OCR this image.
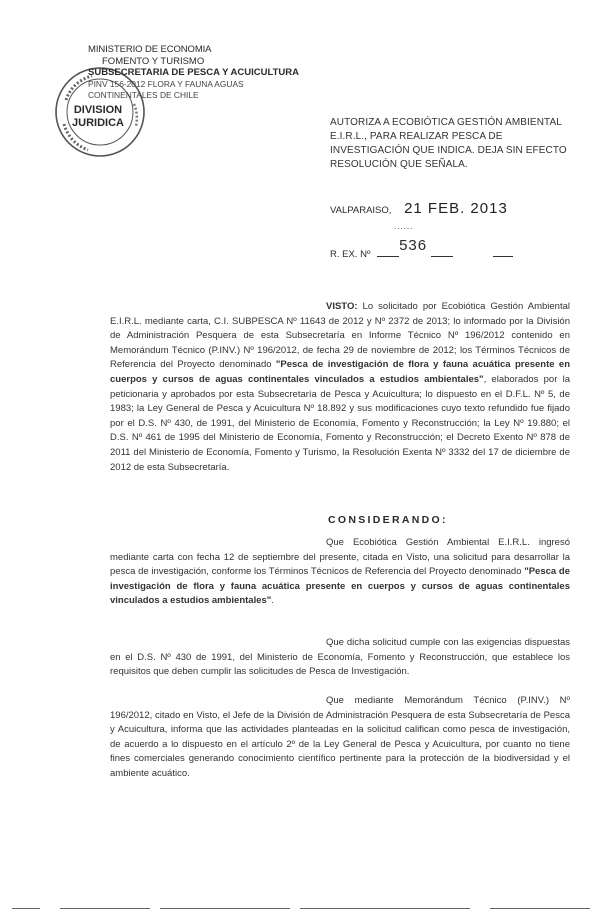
MINISTERIO DE ECONOMIA
FOMENTO Y TURISMO
SUBSECRETARIA DE PESCA Y ACUICULTURA
PINV 156-2012 FLORA Y FAUNA AGUAS
CONTINENTALES DE CHILE
DIVISION
JURIDICA	AUTORIZA A ECOBIÓTICA GESTIÓN AMBIENTAL E.I.R.L., PARA REALIZAR PESCA DE INVESTIGACIÓN QUE INDICA. DEJA SIN EFECTO RESOLUCIÓN QUE SEÑALA.
VALPARAISO, 21 FEB. 2013
......
R. EX. Nº 536
VISTO: Lo solicitado por Ecobiótica Gestión Ambiental E.I.R.L. mediante carta, C.I. SUBPESCA Nº 11643 de 2012 y Nº 2372 de 2013; lo informado por la División de Administración Pesquera de esta Subsecretaría en Informe Técnico Nº 196/2012 contenido en Memorándum Técnico (P.INV.) Nº 196/2012, de fecha 29 de noviembre de 2012; los Términos Técnicos de Referencia del Proyecto denominado "Pesca de investigación de flora y fauna acuática presente en cuerpos y cursos de aguas continentales vinculados a estudios ambientales", elaborados por la peticionaria y aprobados por esta Subsecretaría de Pesca y Acuicultura; lo dispuesto en el D.F.L. Nº 5, de 1983; la Ley General de Pesca y Acuicultura Nº 18.892 y sus modificaciones cuyo texto refundido fue fijado por el D.S. Nº 430, de 1991, del Ministerio de Economía, Fomento y Reconstrucción; la Ley Nº 19.880; el D.S. Nº 461 de 1995 del Ministerio de Economía, Fomento y Reconstrucción; el Decreto Exento Nº 878 de 2011 del Ministerio de Economía, Fomento y Turismo, la Resolución Exenta Nº 3332 del 17 de diciembre de 2012 de esta Subsecretaría.
CONSIDERANDO:
Que Ecobiótica Gestión Ambiental E.I.R.L. ingresó mediante carta con fecha 12 de septiembre del presente, citada en Visto, una solicitud para desarrollar la pesca de investigación, conforme los Términos Técnicos de Referencia del Proyecto denominado "Pesca de investigación de flora y fauna acuática presente en cuerpos y cursos de aguas continentales vinculados a estudios ambientales".
Que dicha solicitud cumple con las exigencias dispuestas en el D.S. Nº 430 de 1991, del Ministerio de Economía, Fomento y Reconstrucción, que establece los requisitos que deben cumplir las solicitudes de Pesca de Investigación.
Que mediante Memorándum Técnico (P.INV.) Nº 196/2012, citado en Visto, el Jefe de la División de Administración Pesquera de esta Subsecretaría de Pesca y Acuicultura, informa que las actividades planteadas en la solicitud califican como pesca de investigación, de acuerdo a lo dispuesto en el artículo 2º de la Ley General de Pesca y Acuicultura, por cuanto no tiene fines comerciales generando conocimiento científico pertinente para la protección de la biodiversidad y el ambiente acuático.
